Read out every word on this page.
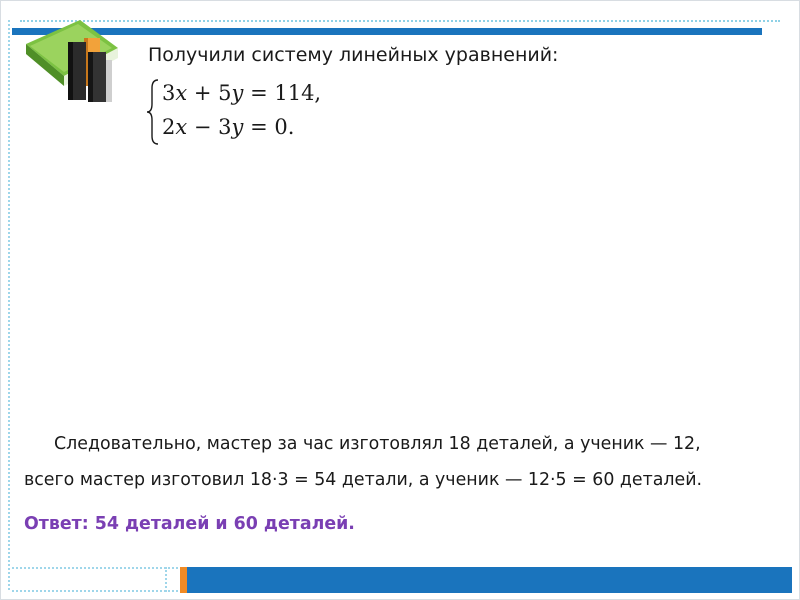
Получили систему линейных уравнений:
3x + 5y = 114,
2x − 3y = 0.
Следовательно, мастер за час изготовлял 18 деталей, а ученик — 12,
всего мастер изготовил 18·3 = 54 детали, а ученик — 12·5 = 60 деталей.
Ответ: 54 деталей и 60 деталей.
